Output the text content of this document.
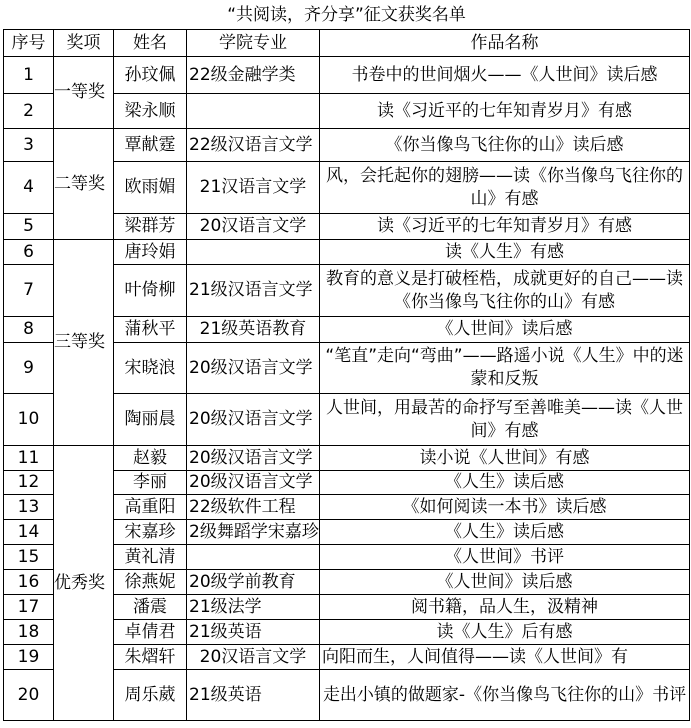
“共阅读，齐分享”征文获奖名单				
序号	奖项	姓名	学院专业	作品名称
1	一等奖	孙玟佩	22级金融学类	书卷中的世间烟火——《人世间》读后感
2		梁永顺		读《习近平的七年知青岁月》有感
3	二等奖	覃献霆	22级汉语言文学	《你当像鸟飞往你的山》读后感
4		欧雨媚	21汉语言文学	风，会托起你的翅膀——读《你当像鸟飞往你的山》有感
5		梁群芳	20汉语言文学	读《习近平的七年知青岁月》有感
6	三等奖	唐玲娟		读《人生》有感
7		叶倚柳	21级汉语言文学	教育的意义是打破桎梏，成就更好的自己——读《你当像鸟飞往你的山》有感
8		蒲秋平	21级英语教育	《人世间》读后感
9		宋晓浪	20级汉语言文学	“笔直”走向“弯曲”——路遥小说《人生》中的迷蒙和反叛
10		陶丽晨	20级汉语言文学	人世间，用最苦的命抒写至善唯美——读《人世间》有感
11	优秀奖	赵毅	20级汉语言文学	读小说《人世间》有感
12		李丽	20级汉语言文学	《人生》读后感
13		高重阳	22级软件工程	《如何阅读一本书》读后感
14		宋嘉珍	2级舞蹈学宋嘉珍	《人生》读后感
15		黄礼清		《人世间》书评
16		徐燕妮	20级学前教育	《人世间》读后感
17		潘震	21级法学	阅书籍，品人生，汲精神
18		卓倩君	21级英语	读《人生》后有感
19		朱熠轩	20汉语言文学	向阳而生，人间值得——读《人世间》有
20		周乐葳	21级英语	走出小镇的做题家-《你当像鸟飞往你的山》书评
